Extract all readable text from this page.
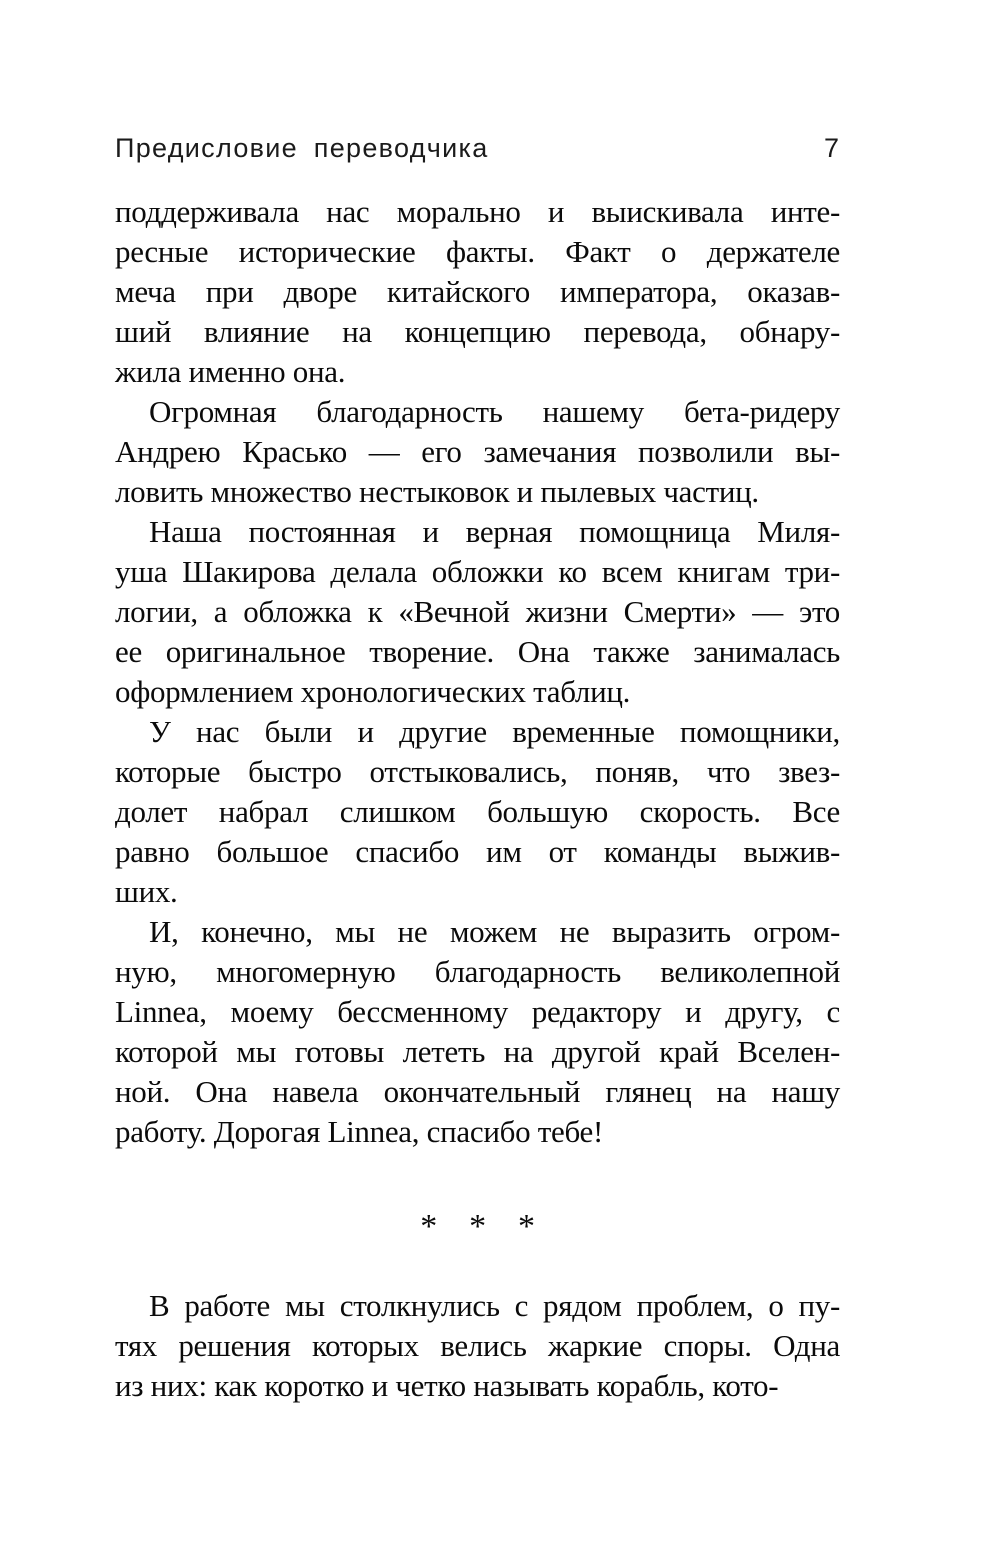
Предисловие переводчика	7
поддерживала нас морально и выискивала инте-
ресные исторические факты. Факт о держателе
меча при дворе китайского императора, оказав-
ший влияние на концепцию перевода, обнару-
жила именно она.
Огромная благодарность нашему бета-ридеру
Андрею Красько — его замечания позволили вы-
ловить множество нестыковок и пылевых частиц.
Наша постоянная и верная помощница Миля-
уша Шакирова делала обложки ко всем книгам три-
логии, а обложка к «Вечной жизни Смерти» — это
ее оригинальное творение. Она также занималась
оформлением хронологических таблиц.
У нас были и другие временные помощники,
которые быстро отстыковались, поняв, что звез-
долет набрал слишком большую скорость. Все
равно большое спасибо им от команды выжив-
ших.
И, конечно, мы не можем не выразить огром-
ную, многомерную благодарность великолепной
Linnea, моему бессменному редактору и другу, с
которой мы готовы лететь на другой край Вселен-
ной. Она навела окончательный глянец на нашу
работу. Дорогая Linnea, спасибо тебе!
* * *
В работе мы столкнулись с рядом проблем, о пу-
тях решения которых велись жаркие споры. Одна
из них: как коротко и четко называть корабль, кото-
